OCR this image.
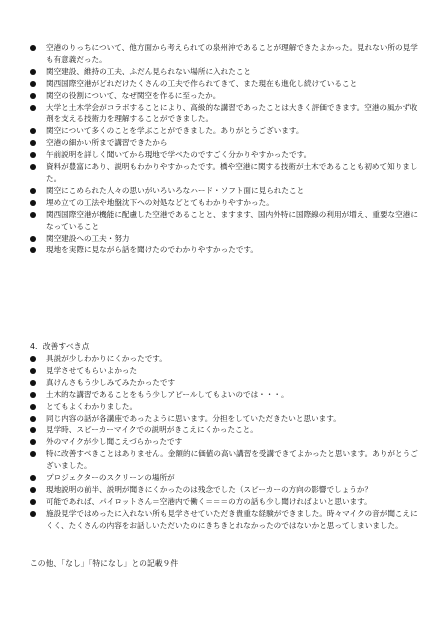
空港のりっちについて、他方面から考えられての泉州沖であることが理解できたよかった。見れない所の見学も有意義だった。
関空建設、維持の工夫、ふだん見られない場所に入れたこと
関西国際空港がどれだけたくさんの工夫で作られてきて、また現在も進化し続けていること
関空の役割について、なぜ関空を作るに至ったか。
大学と土木学会がコラボすることにより、高級的な講習であったことは大きく評価できます。空港の風かず收剤を支える技術力を理解することができました。
関空について多くのことを学ぶことができました。ありがとうございます。
空港の細かい所まで講習できたから
午前説明を詳しく聞いてから現地で学べたのですごく分かりやすかったです。
資料が豊富にあり、説明もわかりやすかったです。橋や空港に関する技術が土木であることも初めて知りました。
関空にこめられた人々の思いがいろいろなハード・ソフト面に見られたこと
埋め立ての工法や地盤沈下への対処などとてもわかりやすかった。
関西国際空港が機能に配慮した空港であることと、ますます、国内外特に国際線の利用が増え、重要な空港になっていること
関空建設への工夫・努力
現地を実際に見ながら話を聞けたのでわかりやすかったです。
4．改善すべき点
具説が少しわかりにくかったです。
見学させてもらいよかった
真けんさもう少しみてみたかったです
土木的な講習であることをもう少しアピールしてもよいのでは・・・。
とてもよくわかりました。
同じ内容の話が各講座であったように思います。分担をしていただきたいと思います。
見学時、スピーカーマイクでの説明がきこえにくかったこと。
外のマイクが少し聞こえづらかったです
特に改善すべきことはありません。金額的に価値の高い講習を受講できてよかったと思います。ありがとうございました。
プロジェクターのスクリーンの場所が
現地説明の前半、説明が聞きにくかったのは残念でした（スピーカーの方向の影響でしょうか？
可能であれば、パイロットさん＝空港内で働く＝＝＝の方の話も少し聞ければよいと思います。
施設見学ではめったに入れない所も見学させていただき貴重な経験ができました。時々マイクの音が聞こえにくく、たくさんの内容をお話しいただいたのにきちきとれなかったのではないかと思ってしまいました。
この他、「なし」「特になし」との記載９件
